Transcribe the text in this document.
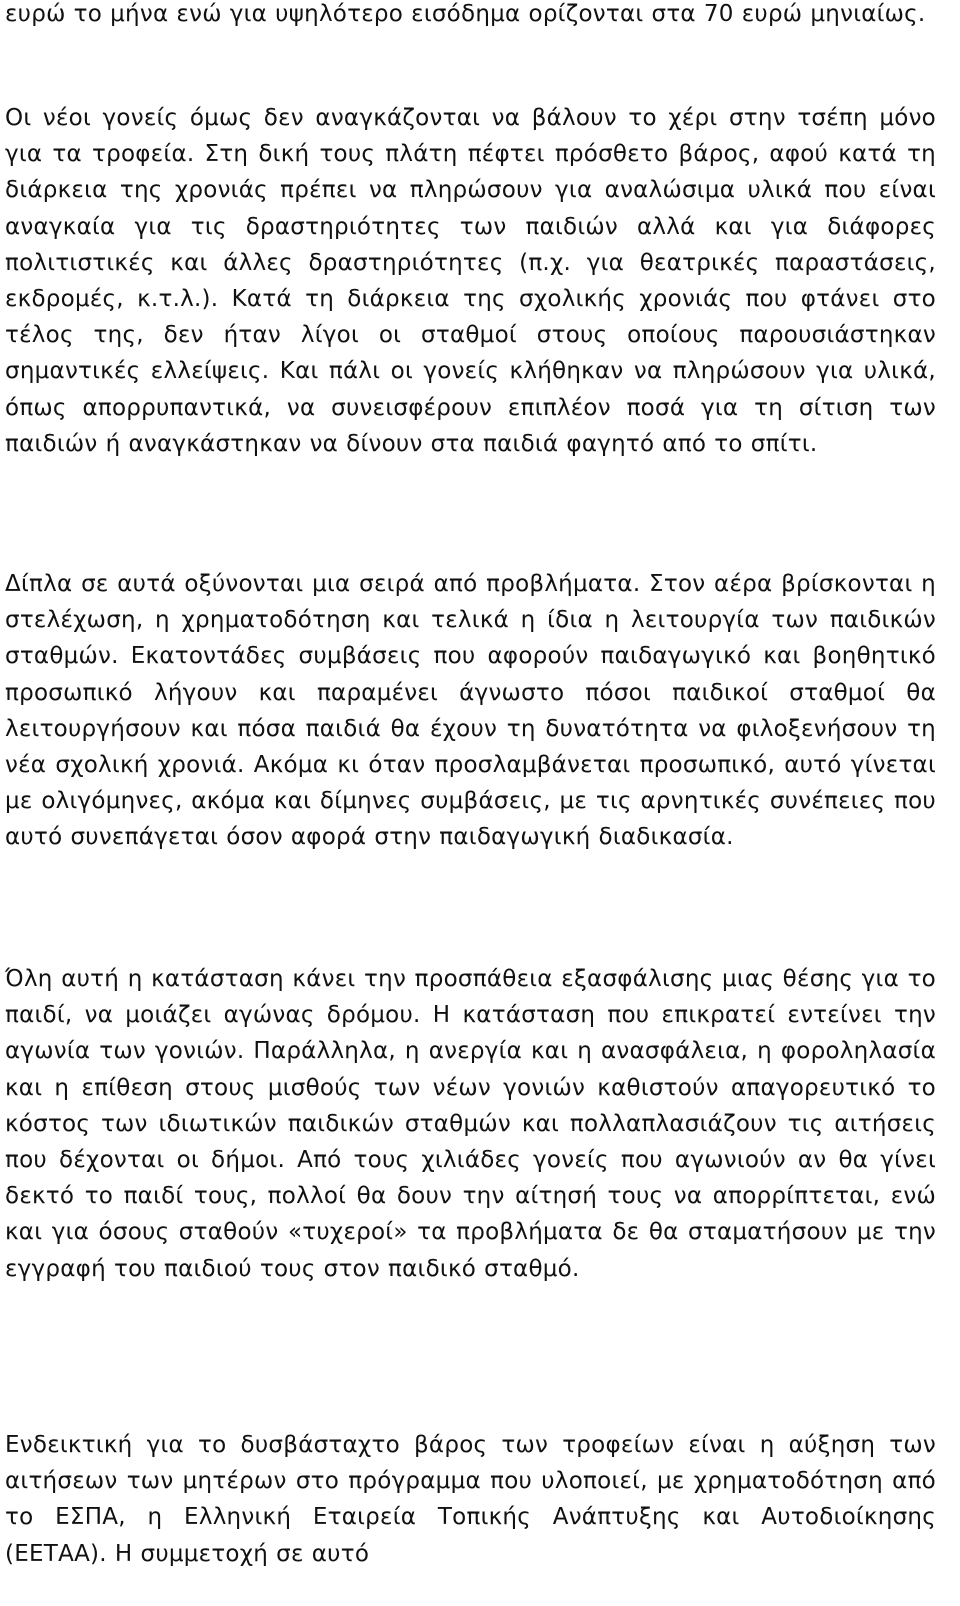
ευρώ το μήνα ενώ για υψηλότερο εισόδημα ορίζονται στα 70 ευρώ μηνιαίως.

Οι νέοι γονείς όμως δεν αναγκάζονται να βάλουν το χέρι στην τσέπη μόνο για τα τροφεία. Στη δική τους πλάτη πέφτει πρόσθετο βάρος, αφού κατά τη διάρκεια της χρονιάς πρέπει να πληρώσουν για αναλώσιμα υλικά που είναι αναγκαία για τις δραστηριότητες των παιδιών αλλά και για διάφορες πολιτιστικές και άλλες δραστηριότητες (π.χ. για θεατρικές παραστάσεις, εκδρομές, κ.τ.λ.). Κατά τη διάρκεια της σχολικής χρονιάς που φτάνει στο τέλος της, δεν ήταν λίγοι οι σταθμοί στους οποίους παρουσιάστηκαν σημαντικές ελλείψεις. Και πάλι οι γονείς κλήθηκαν να πληρώσουν για υλικά, όπως απορρυπαντικά, να συνεισφέρουν επιπλέον ποσά για τη σίτιση των παιδιών ή αναγκάστηκαν να δίνουν στα παιδιά φαγητό από το σπίτι.

Δίπλα σε αυτά οξύνονται μια σειρά από προβλήματα. Στον αέρα βρίσκονται η στελέχωση, η χρηματοδότηση και τελικά η ίδια η λειτουργία των παιδικών σταθμών. Εκατοντάδες συμβάσεις που αφορούν παιδαγωγικό και βοηθητικό προσωπικό λήγουν και παραμένει άγνωστο πόσοι παιδικοί σταθμοί θα λειτουργήσουν και πόσα παιδιά θα έχουν τη δυνατότητα να φιλοξενήσουν τη νέα σχολική χρονιά. Ακόμα κι όταν προσλαμβάνεται προσωπικό, αυτό γίνεται με ολιγόμηνες, ακόμα και δίμηνες συμβάσεις, με τις αρνητικές συνέπειες που αυτό συνεπάγεται όσον αφορά στην παιδαγωγική διαδικασία.

Όλη αυτή η κατάσταση κάνει την προσπάθεια εξασφάλισης μιας θέσης για το παιδί, να μοιάζει αγώνας δρόμου. Η κατάσταση που επικρατεί εντείνει την αγωνία των γονιών. Παράλληλα, η ανεργία και η ανασφάλεια, η φοροληλασία και η επίθεση στους μισθούς των νέων γονιών καθιστούν απαγορευτικό το κόστος των ιδιωτικών παιδικών σταθμών και πολλαπλασιάζουν τις αιτήσεις που δέχονται οι δήμοι. Από τους χιλιάδες γονείς που αγωνιούν αν θα γίνει δεκτό το παιδί τους, πολλοί θα δουν την αίτησή τους να απορρίπτεται, ενώ και για όσους σταθούν «τυχεροί» τα προβλήματα δε θα σταματήσουν με την εγγραφή του παιδιού τους στον παιδικό σταθμό.

Ενδεικτική για το δυσβάσταχτο βάρος των τροφείων είναι η αύξηση των αιτήσεων των μητέρων στο πρόγραμμα που υλοποιεί, με χρηματοδότηση από το ΕΣΠΑ, η Ελληνική Εταιρεία Τοπικής Ανάπτυξης και Αυτοδιοίκησης (ΕΕΤΑΑ). Η συμμετοχή σε αυτό
